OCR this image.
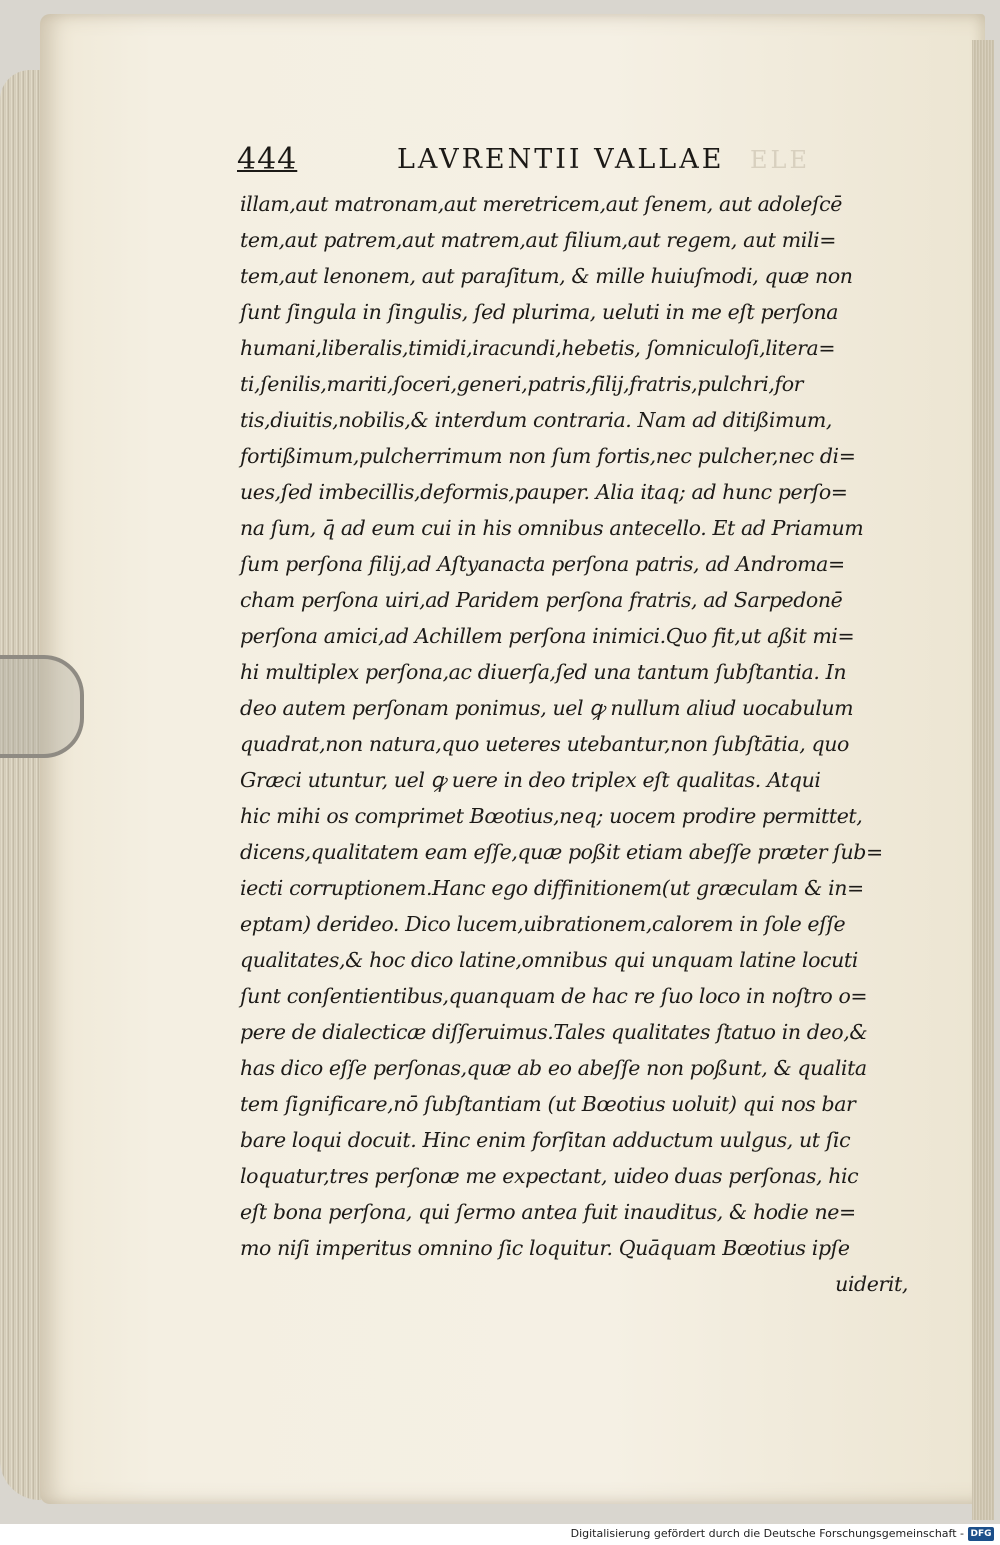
444	LAVRENTII VALLAE ELE
illam,aut matronam,aut meretricem,aut ſenem, aut adoleſcē
tem,aut patrem,aut matrem,aut filium,aut regem, aut mili=
tem,aut lenonem, aut paraſitum, & mille huiuſmodi, quæ non
ſunt ſingula in ſingulis, ſed plurima, ueluti in me eſt perſona
humani,liberalis,timidi,iracundi,hebetis, ſomniculoſi,litera=
ti,ſenilis,mariti,ſoceri,generi,patris,filij,fratris,pulchri,for
tis,diuitis,nobilis,& interdum contraria. Nam ad ditißimum,
fortißimum,pulcherrimum non ſum fortis,nec pulcher,nec di=
ues,ſed imbecillis,deformis,pauper. Alia itaq; ad hunc perſo=
na ſum, q̄ ad eum cui in his omnibus antecello. Et ad Priamum
ſum perſona filij,ad Aſtyanacta perſona patris, ad Androma=
cham perſona uiri,ad Paridem perſona fratris, ad Sarpedonē
perſona amici,ad Achillem perſona inimici.Quo fit,ut aßit mi=
hi multiplex perſona,ac diuerſa,ſed una tantum ſubſtantia. In
deo autem perſonam ponimus, uel ꝙ nullum aliud uocabulum
quadrat,non natura,quo ueteres utebantur,non ſubſtātia, quo
Græci utuntur, uel ꝙ uere in deo triplex eſt qualitas. Atqui
hic mihi os comprimet Bœotius,neq; uocem prodire permittet,
dicens,qualitatem eam eſſe,quæ poßit etiam abeſſe præter ſub=
iecti corruptionem.Hanc ego diffinitionem(ut græculam & in=
eptam) derideo. Dico lucem,uibrationem,calorem in ſole eſſe
qualitates,& hoc dico latine,omnibus qui unquam latine locuti
ſunt conſentientibus,quanquam de hac re ſuo loco in noſtro o=
pere de dialecticæ diſſeruimus.Tales qualitates ſtatuo in deo,&
has dico eſſe perſonas,quæ ab eo abeſſe non poßunt, & qualita
tem ſignificare,nō ſubſtantiam (ut Bœotius uoluit) qui nos bar
bare loqui docuit. Hinc enim forſitan adductum uulgus, ut ſic
loquatur,tres perſonæ me expectant, uideo duas perſonas, hic
eſt bona perſona, qui ſermo antea fuit inauditus, & hodie ne=
mo niſi imperitus omnino ſic loquitur. Quāquam Bœotius ipſe
uiderit,
Digitalisierung gefördert durch die Deutsche Forschungsgemeinschaft - DFG
